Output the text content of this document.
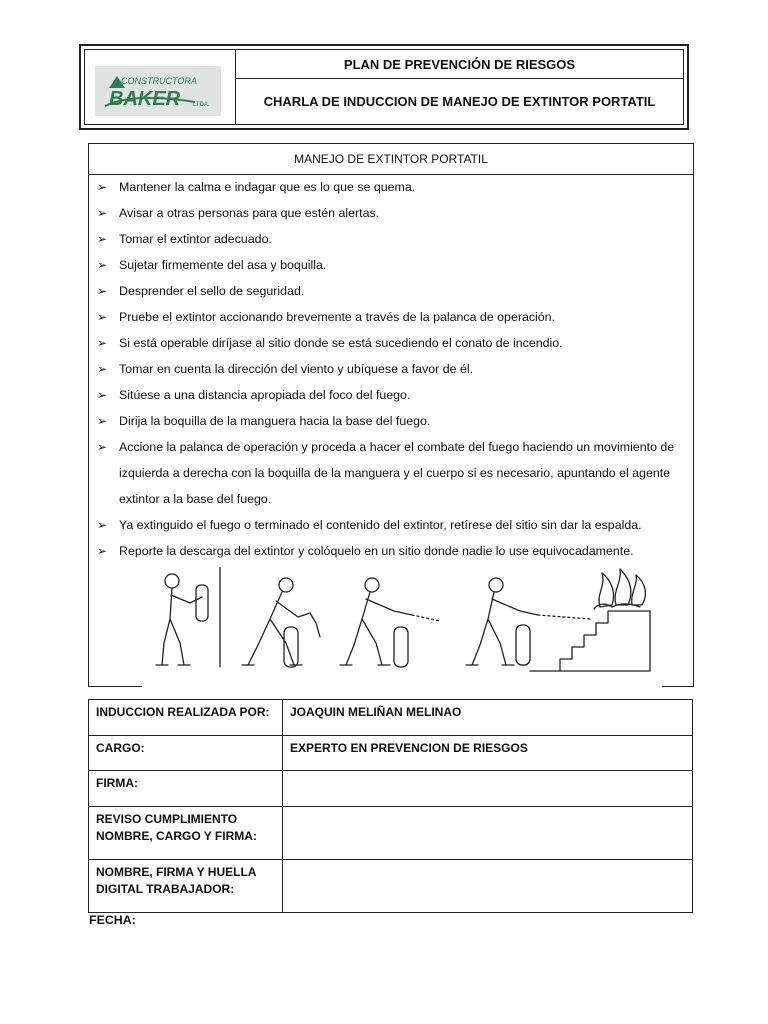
CONSTRUCTORA
BAKER LTDA.
PLAN DE PREVENCIÓN DE RIESGOS
CHARLA DE INDUCCION DE MANEJO DE EXTINTOR PORTATIL
MANEJO DE EXTINTOR PORTATIL
➢ Mantener la calma e indagar que es lo que se quema.
➢ Avisar a otras personas para que estén alertas.
➢ Tomar el extintor adecuado.
➢ Sujetar firmemente del asa y boquilla.
➢ Desprender el sello de seguridad.
➢ Pruebe el extintor accionando brevemente a través de la palanca de operación.
➢ Si está operable diríjase al sitio donde se está sucediendo el conato de incendio.
➢ Tomar en cuenta la dirección del viento y ubíquese a favor de él.
➢ Sitúese a una distancia apropiada del foco del fuego.
➢ Dirija la boquilla de la manguera hacia la base del fuego.
➢ Accione la palanca de operación y proceda a hacer el combate del fuego haciendo un movimiento de izquierda a derecha con la boquilla de la manguera y el cuerpo si es necesario, apuntando el agente extintor a la base del fuego.
➢ Ya extinguido el fuego o terminado el contenido del extintor, retírese del sitio sin dar la espalda.
➢ Reporte la descarga del extintor y colóquelo en un sitio donde nadie lo use equivocadamente.
INDUCCION REALIZADA POR:	JOAQUIN MELIÑAN MELINAO
CARGO:	EXPERTO EN PREVENCION DE RIESGOS
FIRMA:	
REVISO CUMPLIMIENTO
NOMBRE, CARGO Y FIRMA:	
NOMBRE, FIRMA Y HUELLA
DIGITAL TRABAJADOR:	
FECHA:
